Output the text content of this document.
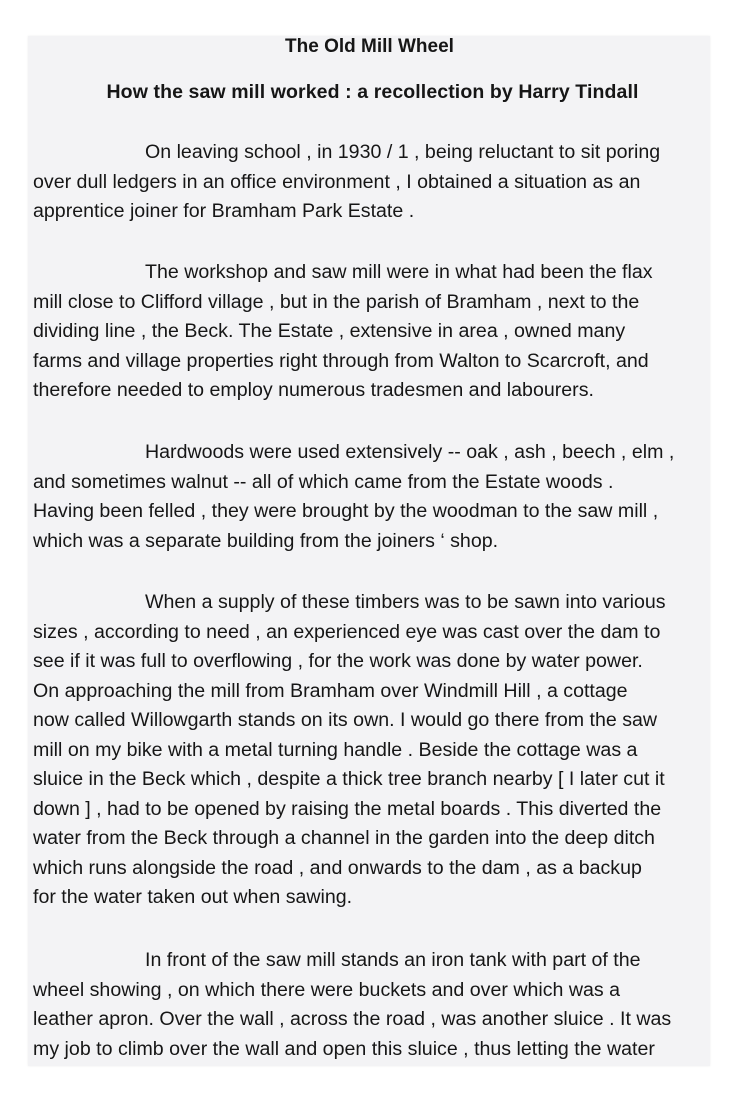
The Old Mill Wheel
How the saw mill worked : a recollection by Harry Tindall
On leaving school , in 1930 / 1 , being reluctant to sit poring
over dull ledgers in an office environment , I obtained a situation as an
apprentice joiner for Bramham Park Estate .
The workshop and saw mill were in what had been the flax
mill close to Clifford village , but in the parish of Bramham , next to the
dividing line , the Beck. The Estate , extensive in area , owned many
farms and village properties right through from Walton to Scarcroft, and
therefore needed to employ numerous tradesmen and labourers.
Hardwoods were used extensively -- oak , ash , beech , elm ,
and sometimes walnut -- all of which came from the Estate woods .
Having been felled , they were brought by the woodman to the saw mill ,
which was a separate building from the joiners ‘ shop.
When a supply of these timbers was to be sawn into various
sizes , according to need , an experienced eye was cast over the dam to
see if it was full to overflowing , for the work was done by water power.
On approaching the mill from Bramham over Windmill Hill , a cottage
now called Willowgarth stands on its own. I would go there from the saw
mill on my bike with a metal turning handle . Beside the cottage was a
sluice in the Beck which , despite a thick tree branch nearby [ I later cut it
down ] , had to be opened by raising the metal boards . This diverted the
water from the Beck through a channel in the garden into the deep ditch
which runs alongside the road , and onwards to the dam , as a backup
for the water taken out when sawing.
In front of the saw mill stands an iron tank with part of the
wheel showing , on which there were buckets and over which was a
leather apron. Over the wall , across the road , was another sluice . It was
my job to climb over the wall and open this sluice , thus letting the water
